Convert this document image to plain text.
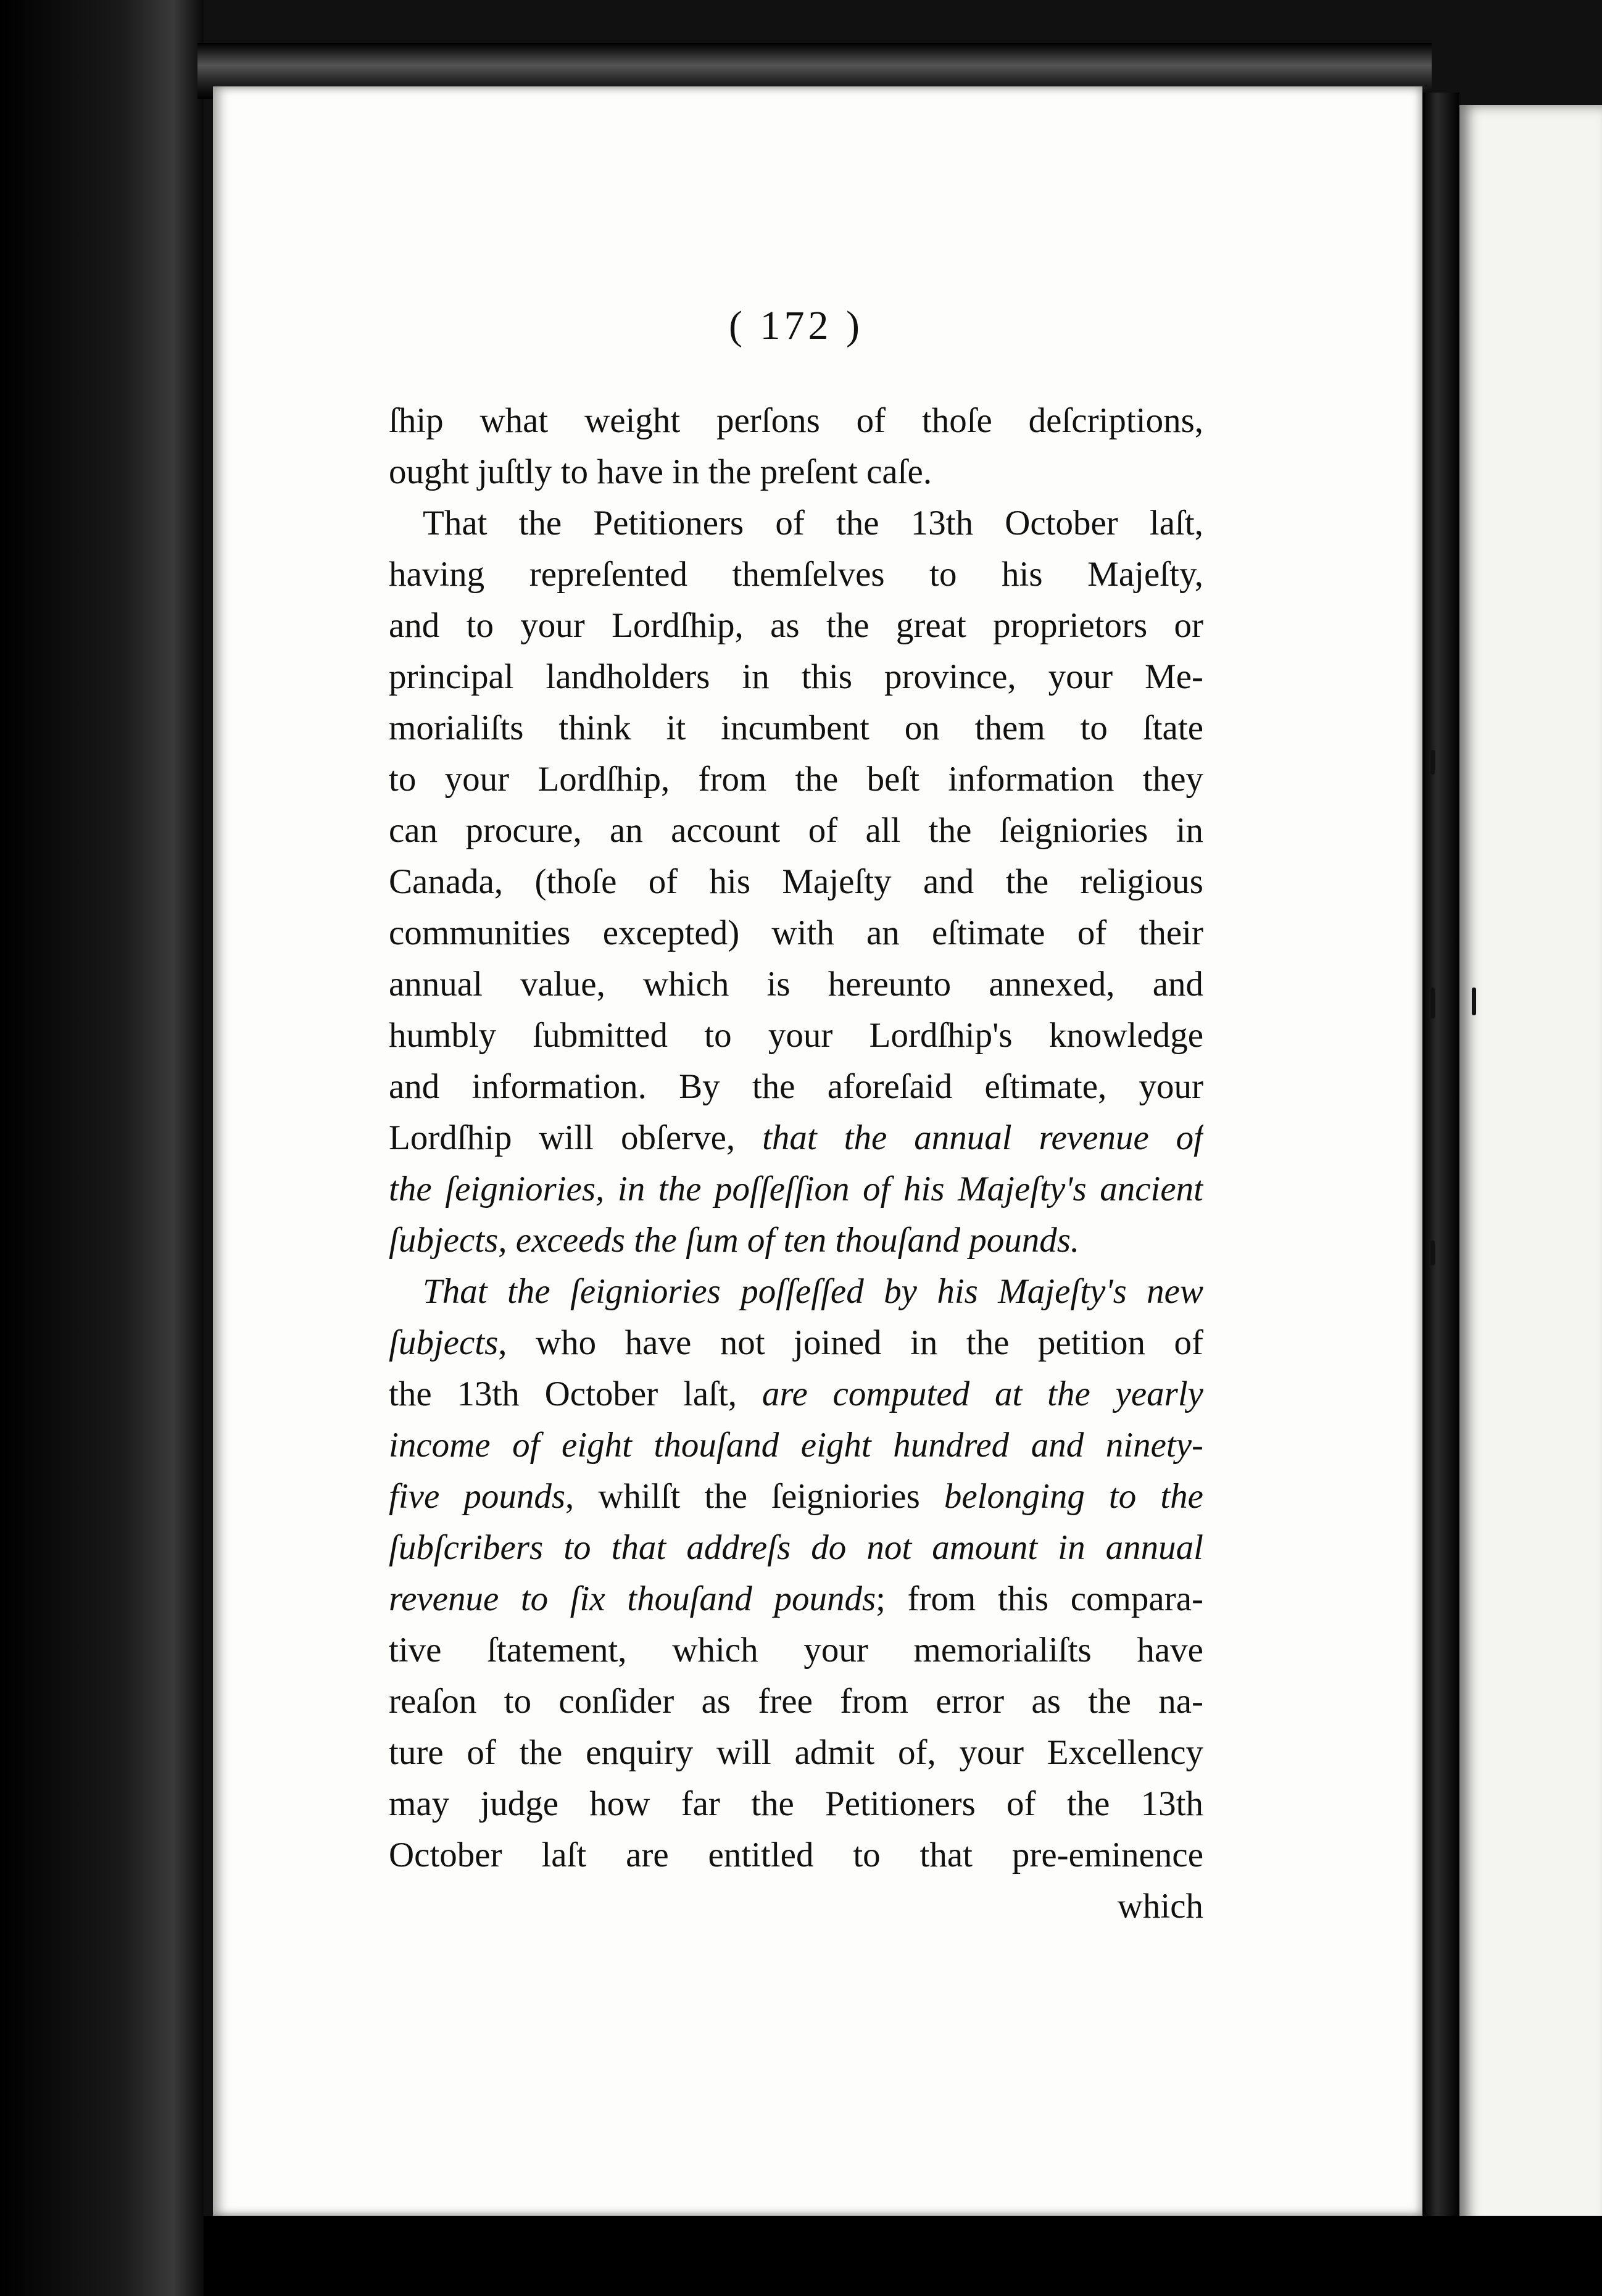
( 172 )
ſhip what weight perſons of thoſe deſcriptions,
ought juſtly to have in the preſent caſe.
That the Petitioners of the 13th October laſt,
having repreſented themſelves to his Majeſty,
and to your Lordſhip, as the great proprietors or
principal landholders in this province, your Me-
morialiſts think it incumbent on them to ſtate
to your Lordſhip, from the beſt information they
can procure, an account of all the ſeigniories in
Canada, (thoſe of his Majeſty and the religious
communities excepted) with an eſtimate of their
annual value, which is hereunto annexed, and
humbly ſubmitted to your Lordſhip's knowledge
and information. By the aforeſaid eſtimate, your
Lordſhip will obſerve, that the annual revenue of
the ſeigniories, in the poſſeſſion of his Majeſty's ancient
ſubjects, exceeds the ſum of ten thouſand pounds.
That the ſeigniories poſſeſſed by his Majeſty's new
ſubjects, who have not joined in the petition of
the 13th October laſt, are computed at the yearly
income of eight thouſand eight hundred and ninety-
five pounds, whilſt the ſeigniories belonging to the
ſubſcribers to that addreſs do not amount in annual
revenue to ſix thouſand pounds; from this compara-
tive ſtatement, which your memorialiſts have
reaſon to conſider as free from error as the na-
ture of the enquiry will admit of, your Excellency
may judge how far the Petitioners of the 13th
October laſt are entitled to that pre-eminence
which
